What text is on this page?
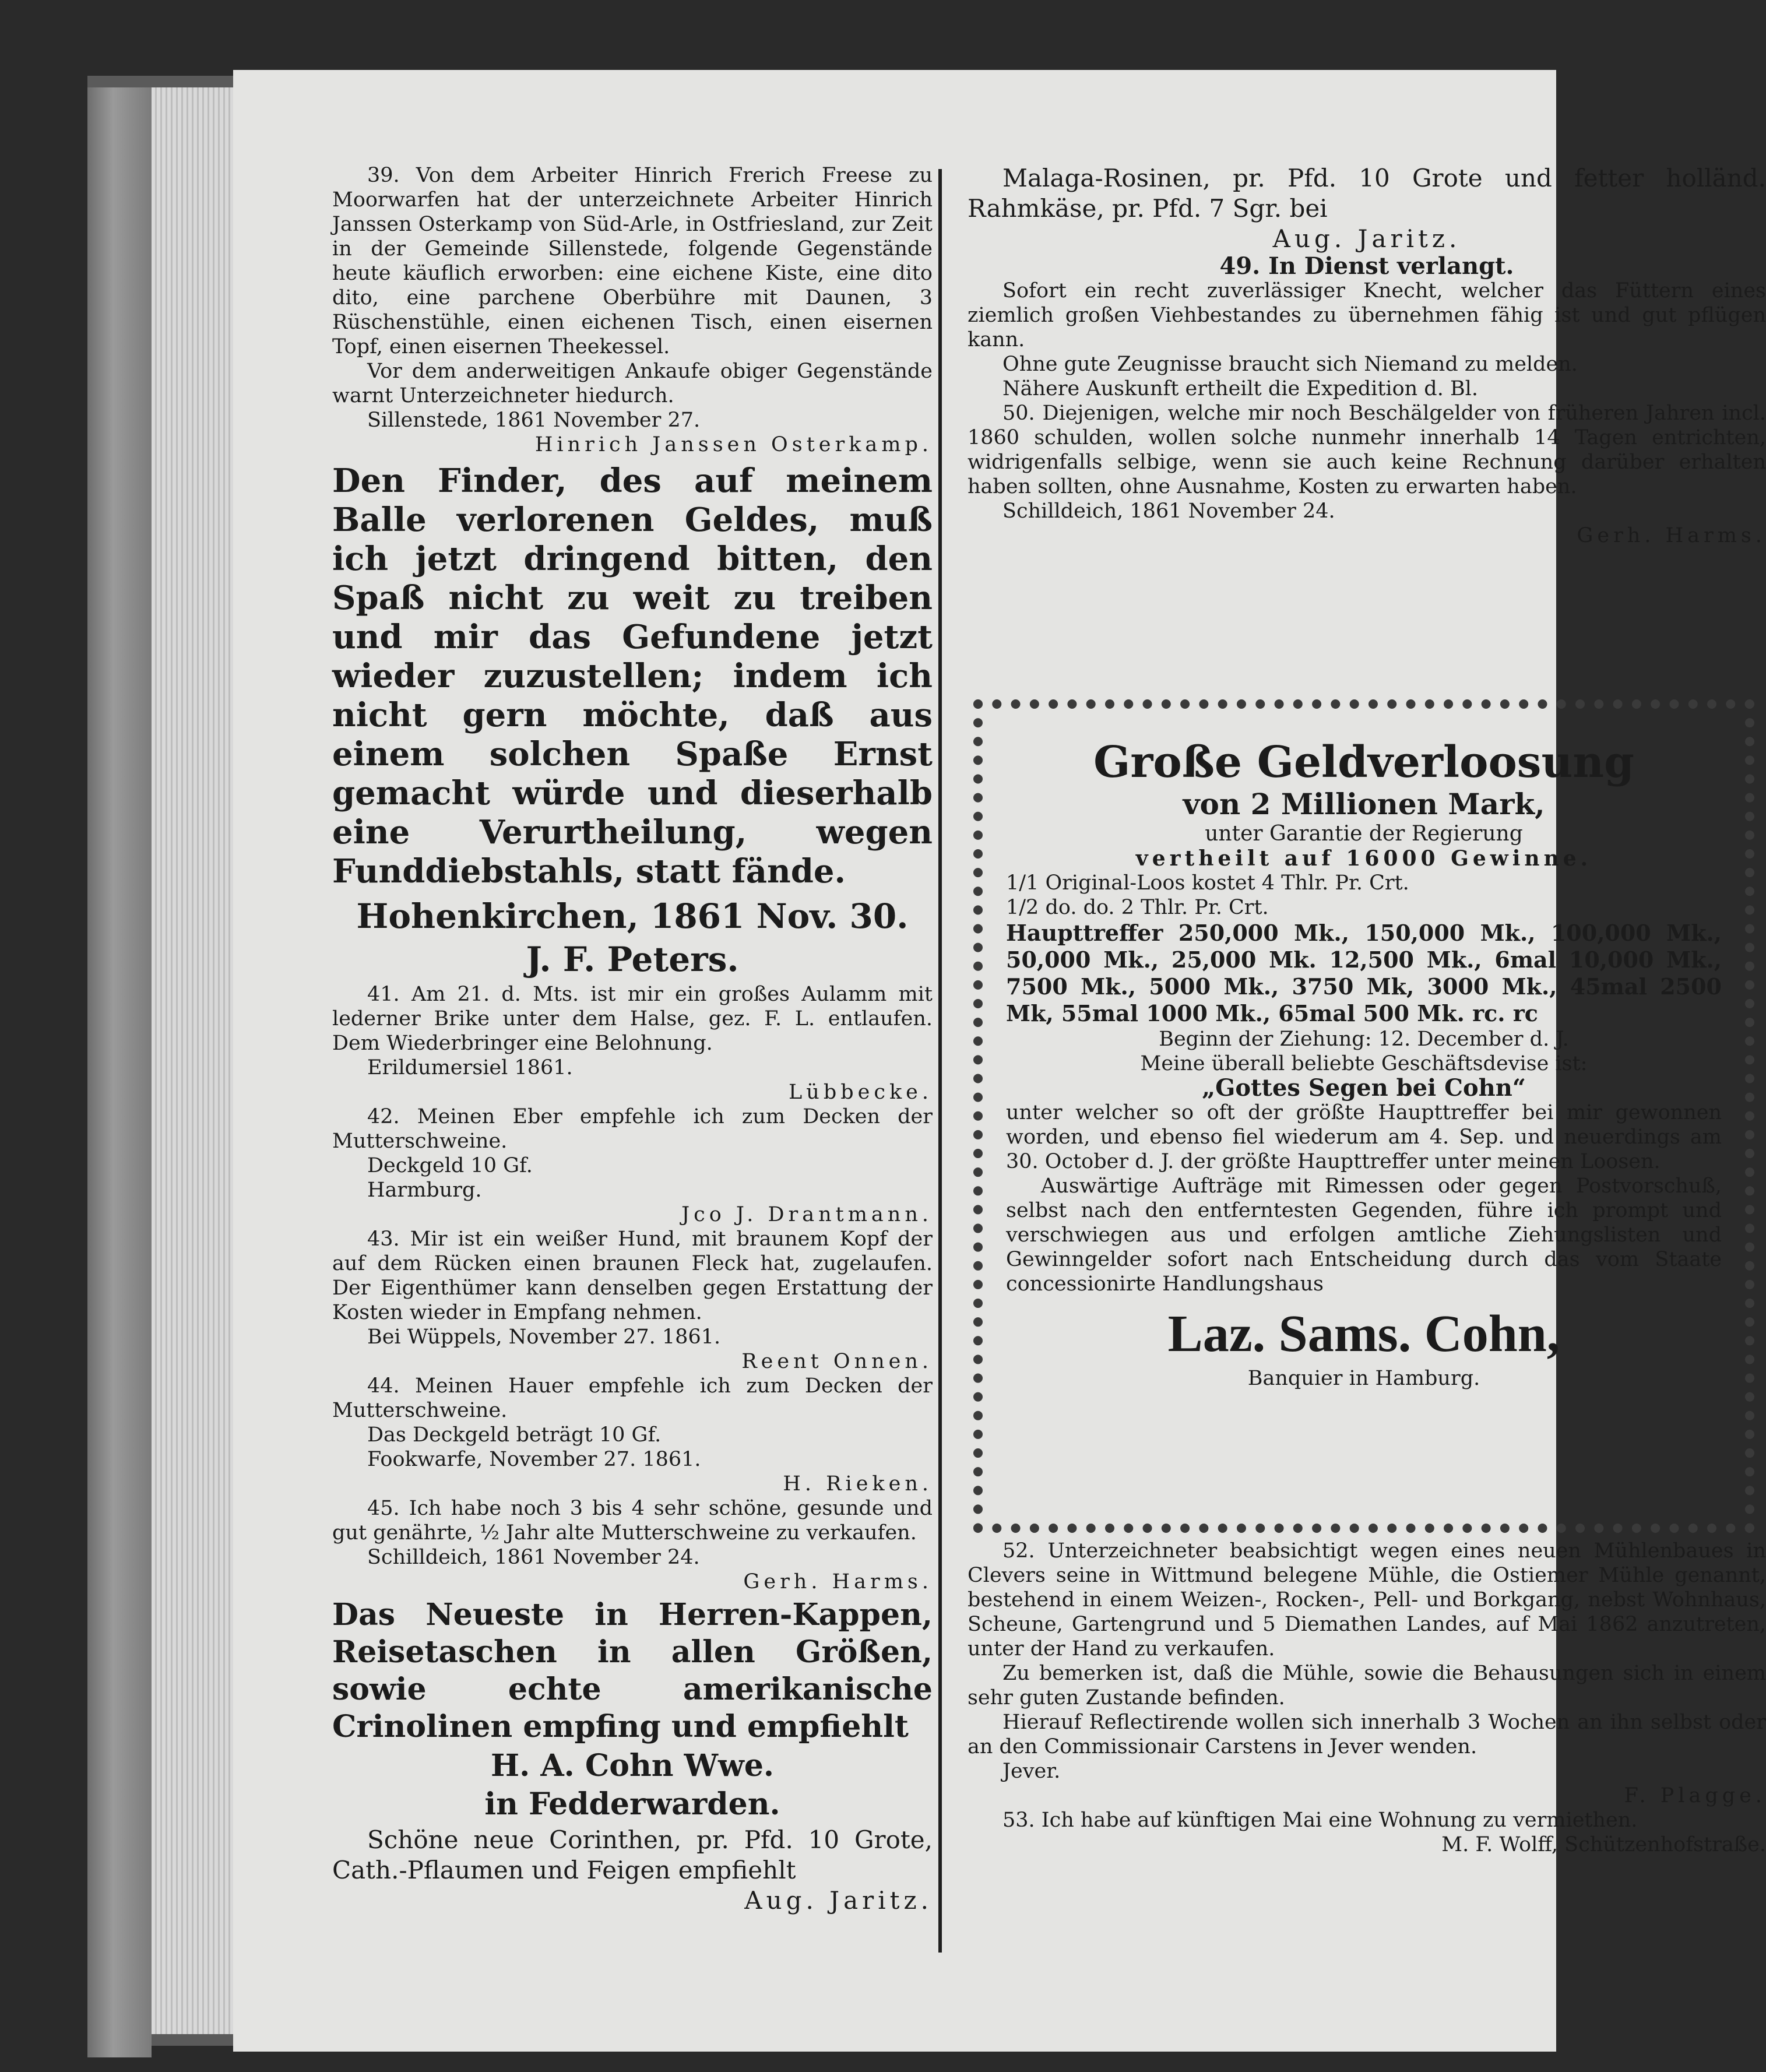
39. Von dem Arbeiter Hinrich Frerich Freese zu Moorwarfen hat der unterzeichnete Arbeiter Hinrich Janssen Osterkamp von Süd-Arle, in Ostfriesland, zur Zeit in der Gemeinde Sillenstede, folgende Gegenstände heute käuflich erworben: eine eichene Kiste, eine dito dito, eine parchene Oberbühre mit Daunen, 3 Rüschenstühle, einen eichenen Tisch, einen eisernen Topf, einen eisernen Theekessel.

Vor dem anderweitigen Ankaufe obiger Gegenstände warnt Unterzeichneter hiedurch.

Sillenstede, 1861 November 27.

Hinrich Janssen Osterkamp.

Den Finder, des auf meinem Balle verlorenen Geldes, muß ich jetzt dringend bitten, den Spaß nicht zu weit zu treiben und mir das Gefundene jetzt wieder zuzustellen; indem ich nicht gern möchte, daß aus einem solchen Spaße Ernst gemacht würde und dieserhalb eine Verurtheilung, wegen Funddiebstahls, statt fände.

Hohenkirchen, 1861 Nov. 30.

J. F. Peters.

41. Am 21. d. Mts. ist mir ein großes Aulamm mit lederner Brike unter dem Halse, gez. F. L. entlaufen. Dem Wiederbringer eine Belohnung.

Erildumersiel 1861.

Lübbecke.

42. Meinen Eber empfehle ich zum Decken der Mutterschweine.

Deckgeld 10 Gf.

Harmburg.

Jco J. Drantmann.

43. Mir ist ein weißer Hund, mit braunem Kopf der auf dem Rücken einen braunen Fleck hat, zugelaufen. Der Eigenthümer kann denselben gegen Erstattung der Kosten wieder in Empfang nehmen.

Bei Wüppels, November 27. 1861.

Reent Onnen.

44. Meinen Hauer empfehle ich zum Decken der Mutterschweine.

Das Deckgeld beträgt 10 Gf.

Fookwarfe, November 27. 1861.

H. Rieken.

45. Ich habe noch 3 bis 4 sehr schöne, gesunde und gut genährte, ½ Jahr alte Mutterschweine zu verkaufen.

Schilldeich, 1861 November 24.

Gerh. Harms.

Das Neueste in Herren-Kappen, Reisetaschen in allen Größen, sowie echte amerikanische Crinolinen empfing und empfiehlt

H. A. Cohn Wwe.

in Fedderwarden.

Schöne neue Corinthen, pr. Pfd. 10 Grote, Cath.-Pflaumen und Feigen empfiehlt

Aug. Jaritz.

Malaga-Rosinen, pr. Pfd. 10 Grote und fetter holländ. Rahmkäse, pr. Pfd. 7 Sgr. bei

Aug. Jaritz.

49. In Dienst verlangt.

Sofort ein recht zuverlässiger Knecht, welcher das Füttern eines ziemlich großen Viehbestandes zu übernehmen fähig ist und gut pflügen kann.

Ohne gute Zeugnisse braucht sich Niemand zu melden.

Nähere Auskunft ertheilt die Expedition d. Bl.

50. Diejenigen, welche mir noch Beschälgelder von früheren Jahren incl. 1860 schulden, wollen solche nunmehr innerhalb 14 Tagen entrichten, widrigenfalls selbige, wenn sie auch keine Rechnung darüber erhalten haben sollten, ohne Ausnahme, Kosten zu erwarten haben.

Schilldeich, 1861 November 24.

Gerh. Harms.

Große Geldverloosung

von 2 Millionen Mark,

unter Garantie der Regierung

vertheilt auf 16000 Gewinne.

1/1 Original-Loos kostet 4 Thlr. Pr. Crt.

1/2 do. do. 2 Thlr. Pr. Crt.

Haupttreffer 250,000 Mk., 150,000 Mk., 100,000 Mk., 50,000 Mk., 25,000 Mk. 12,500 Mk., 6mal 10,000 Mk., 7500 Mk., 5000 Mk., 3750 Mk, 3000 Mk., 45mal 2500 Mk, 55mal 1000 Mk., 65mal 500 Mk. rc. rc

Beginn der Ziehung: 12. December d. J.

Meine überall beliebte Geschäftsdevise ist:

„Gottes Segen bei Cohn“

unter welcher so oft der größte Haupttreffer bei mir gewonnen worden, und ebenso fiel wiederum am 4. Sep. und neuerdings am 30. October d. J. der größte Haupttreffer unter meinen Loosen.

Auswärtige Aufträge mit Rimessen oder gegen Postvorschuß, selbst nach den entferntesten Gegenden, führe ich prompt und verschwiegen aus und erfolgen amtliche Ziehungslisten und Gewinngelder sofort nach Entscheidung durch das vom Staate concessionirte Handlungshaus

Laz. Sams. Cohn,

Banquier in Hamburg.

52. Unterzeichneter beabsichtigt wegen eines neuen Mühlenbaues in Clevers seine in Wittmund belegene Mühle, die Ostiemer Mühle genannt, bestehend in einem Weizen-, Rocken-, Pell- und Borkgang, nebst Wohnhaus, Scheune, Gartengrund und 5 Diemathen Landes, auf Mai 1862 anzutreten, unter der Hand zu verkaufen.

Zu bemerken ist, daß die Mühle, sowie die Behausungen sich in einem sehr guten Zustande befinden.

Hierauf Reflectirende wollen sich innerhalb 3 Wochen an ihn selbst oder an den Commissionair Carstens in Jever wenden.

Jever.

F. Plagge.

53. Ich habe auf künftigen Mai eine Wohnung zu vermiethen.

M. F. Wolff, Schützenhofstraße.
